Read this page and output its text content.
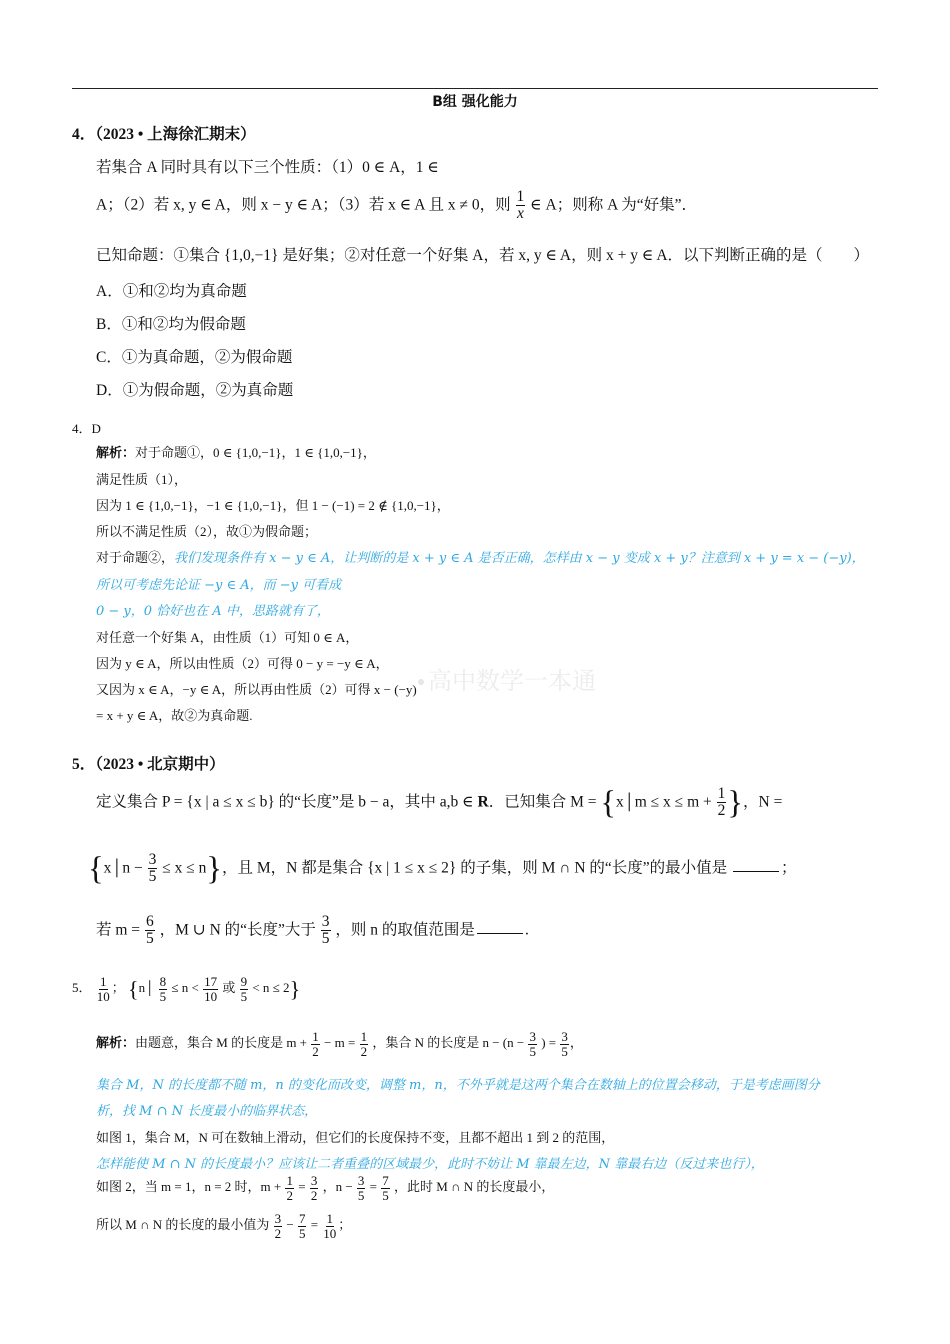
B组 强化能力
4．（2023 • 上海徐汇期末）
若集合 A 同时具有以下三个性质：（1）0 ∈ A，1 ∈
A；（2）若 x, y ∈ A，则 x − y ∈ A；（3）若 x ∈ A 且 x ≠ 0，则 $\frac{1}{x}$ ∈ A；则称 A 为“好集”．
已知命题：①集合 {1,0,−1} 是好集；②对任意一个好集 A，若 x, y ∈ A，则 x + y ∈ A．以下判断正确的是（　　）
A．①和②均为真命题
B．①和②均为假命题
C．①为真命题，②为假命题
D．①为假命题，②为真命题
4．D
解析：对于命题①，0 ∈ {1,0,−1}，1 ∈ {1,0,−1}，
满足性质（1），
因为 1 ∈ {1,0,−1}，−1 ∈ {1,0,−1}，但 1 − (−1) = 2 ∉ {1,0,−1}，
所以不满足性质（2），故①为假命题；
对于命题②，我们发现条件有 x − y ∈ A，让判断的是 x + y ∈ A 是否正确，怎样由 x − y 变成 x + y？注意到 x + y = x − (−y)，
所以可考虑先论证 −y ∈ A，而 −y 可看成
0 − y，0 恰好也在 A 中，思路就有了，
对任意一个好集 A，由性质（1）可知 0 ∈ A，
因为 y ∈ A，所以由性质（2）可得 0 − y = −y ∈ A，
又因为 x ∈ A，−y ∈ A，所以再由性质（2）可得 x − (−y)
= x + y ∈ A，故②为真命题.
高中数学一本通
5．（2023 • 北京期中）
定义集合 P = {x | a ≤ x ≤ b} 的“长度”是 b − a，其中 a,b ∈ R．已知集合 M = {x│m ≤ $x \le m + \frac{1}{2}$ }，N =
{x│n − $\frac{3}{5} \le x \le n$}，且 M，N 都是集合 {x | 1 ≤ x ≤ 2} 的子集，则 M ∩ N 的“长度”的最小值是	；
若 $m = \frac{6}{5}$ ，M ∪ N 的“长度”大于 $\frac{3}{5}$ ，则 n 的取值范围是	.
5． $\frac{1}{10}$ ； {n│ $\frac{8}{5} \le n < \frac{17}{10}$ 或 $\frac{9}{5} < n \le 2$}
解析：由题意，集合 M 的长度是 $m + \frac{1}{2} - m = \frac{1}{2}$ ，集合 N 的长度是 $n - (n - \frac{3}{5}$ ) = $\frac{3}{5}$ ，
集合 M，N 的长度都不随 m，n 的变化而改变，调整 m，n，不外乎就是这两个集合在数轴上的位置会移动，于是考虑画图分
析，找 M ∩ N 长度最小的临界状态，
如图 1，集合 M，N 可在数轴上滑动，但它们的长度保持不变，且都不超出 1 到 2 的范围，
怎样能使 M ∩ N 的长度最小？应该让二者重叠的区域最少，此时不妨让 M 靠最左边，N 靠最右边（反过来也行），
如图 2，当 m = 1，n = 2 时，$m + \frac{1}{2} = \frac{3}{2}$ ，$n - \frac{3}{5} = \frac{7}{5}$ ，此时 M ∩ N 的长度最小，
所以 M ∩ N 的长度的最小值为 $\frac{3}{2} - \frac{7}{5} = \frac{1}{10}$ ；
